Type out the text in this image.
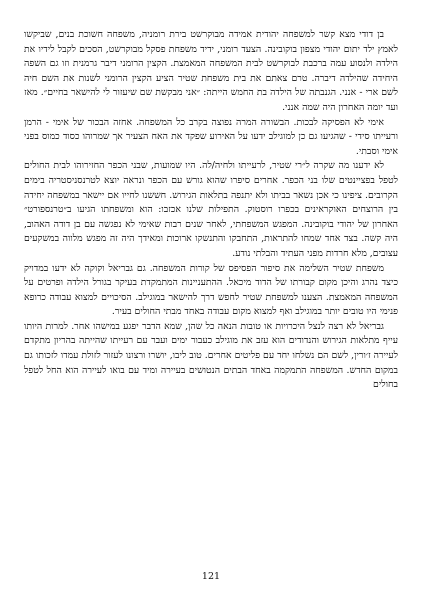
בן דודי מצא קשר למשפחה יהודית אמידה מבוקרשט בירת רומניה, משפחה חשוכת בנים, שביקשו לאמץ ילד יתום יהודי מצפון בוקובינה. הצעד רומני, ידיד משפחת פסקל מבוקרשט, הסכים לקבל לידיו את הילדה ולנסוע עמה ברכבת לבוקרשט לבית המשפחה המאמצת. הקצין הרומני דיבר גרמנית וזו גם השפה היחידה שהילדה דיברה. טרם צאתם את בית משפחת שטיר הציע הקצין הרומני לשנות את השם חיה לשם ארי - אנני. הגנבתה של הילדה בת החמש הייתה: ״אני מבקשת שם שיעזור לי להישאר בחיים״. מאז ועד יומה האחרון היה שמה אנני.

אימי לא הפסיקה לבכות. הבשורה המרה נפוצה בקרב כל המשפחה. אחזה הבכור של אימי - הרמן ורעייתו סידי - שהגיעו גם כן למוגילב ידעו על האירוע שפקד את האח הצעיר אך שמרוהו כסוד כמוס בפני אימי וסבתי.

לא ידענו מה שקרה ל״רי שטיר, לרעייתו ולחיה/לה. היו שמועות, שבני הכפר החזירוהו לבית החולים לטפל בפציינטים שלו בני הכפר. אחרים סיפרו שהוא גורש עם הכפר ונראה יוצא לטרנסניסטריה בימים הקרובים. ציפינו כי אכן נשאר בביתו ולא יתנפה בתלאות הגירוש. חששנו לחייו אם יישאר במשפחה יחידה בין הרוצחים האוקראינים בכפרו רוסטוק. התפילות שלנו אכזבו: הוא ומשפחתו הגיעו ב״טרנספורט״ האחרון של יהודי בוקובינה. המפגש המשפחתי, לאחר שנים רבות שאימי לא נפגשה עם בן דודה האהוב, היה קשה. בצד אחד שמחו להתראות, התחבקו והתנשקו ארוכות ומאידך היה זה מפגש מלווה במשקעים עצובים, מלא חרדות מפני העתיד והבלתי נודע.

משפחת שטיר השלימה את סיפור הפסיפס של קורות המשפחה. גם גבריאל וקוקה לא ידעו במדויק כיצד נהרג והיכן מקום קבורתו של הדוד מיכאל. ההתעניינות המתמקדת בעיקר בגורל הילדה ופרטים על המשפחה המאמצת. הצענו למשפחת שטיר לחפש דרך להישאר במוגילב. הסיכויים למצוא עבודה כרופא פנימי היו טובים יותר במוגילב ואף למצוא מקום עבודה באחד מבתי החולים בעיר.

גבריאל לא רצה לנצל היכרויות או טובות הנאה כל שהן, שמא הדבר יפגע במישהו אחר. למרות היותו עייף מתלאות הגירוש והנדודים הוא עזב את מוגילב כעבור ימים ועבר עם רעייתו שהייתה בהריון מתקדם לעיירה ז׳ורין, לשם הם נשלחו יחד עם פליטים אחרים. טוב ליבו, יושרו ורצונו לעזור לזולת עמדו לזכותו גם במקום החדש. המשפחה התמקמה באחד הבתים הנטושים בעיירה ומיד עם בואו לעיירה הוא החל לטפל בחולים

121
